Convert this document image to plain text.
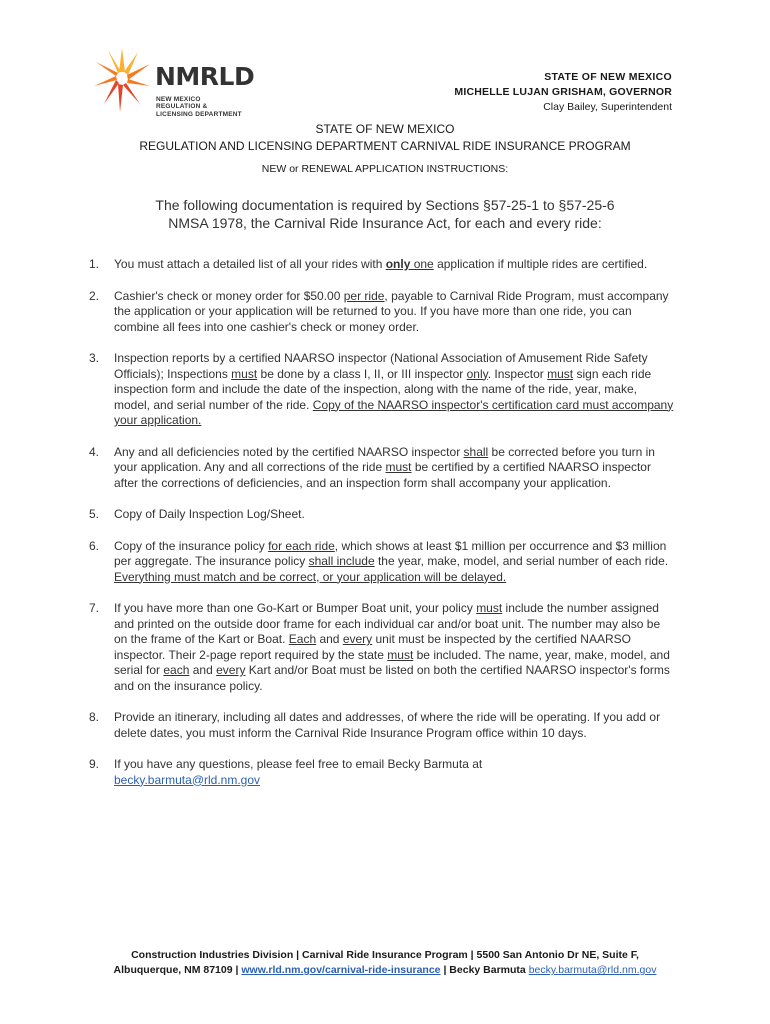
NMRLD
NEW MEXICO
REGULATION &
LICENSING DEPARTMENT
STATE OF NEW MEXICO
MICHELLE LUJAN GRISHAM, GOVERNOR
Clay Bailey, Superintendent
STATE OF NEW MEXICO
REGULATION AND LICENSING DEPARTMENT CARNIVAL RIDE INSURANCE PROGRAM
NEW or RENEWAL APPLICATION INSTRUCTIONS:
The following documentation is required by Sections §57-25-1 to §57-25-6
NMSA 1978, the Carnival Ride Insurance Act, for each and every ride:
1. You must attach a detailed list of all your rides with only one application if multiple rides are certified.
2. Cashier's check or money order for $50.00 per ride, payable to Carnival Ride Program, must accompany the application or your application will be returned to you. If you have more than one ride, you can combine all fees into one cashier's check or money order.
3. Inspection reports by a certified NAARSO inspector (National Association of Amusement Ride Safety Officials); Inspections must be done by a class I, II, or III inspector only. Inspector must sign each ride inspection form and include the date of the inspection, along with the name of the ride, year, make, model, and serial number of the ride. Copy of the NAARSO inspector's certification card must accompany your application.
4. Any and all deficiencies noted by the certified NAARSO inspector shall be corrected before you turn in your application. Any and all corrections of the ride must be certified by a certified NAARSO inspector after the corrections of deficiencies, and an inspection form shall accompany your application.
5. Copy of Daily Inspection Log/Sheet.
6. Copy of the insurance policy for each ride, which shows at least $1 million per occurrence and $3 million per aggregate. The insurance policy shall include the year, make, model, and serial number of each ride. Everything must match and be correct, or your application will be delayed.
7. If you have more than one Go-Kart or Bumper Boat unit, your policy must include the number assigned and printed on the outside door frame for each individual car and/or boat unit. The number may also be on the frame of the Kart or Boat. Each and every unit must be inspected by the certified NAARSO inspector. Their 2-page report required by the state must be included. The name, year, make, model, and serial for each and every Kart and/or Boat must be listed on both the certified NAARSO inspector's forms and on the insurance policy.
8. Provide an itinerary, including all dates and addresses, of where the ride will be operating. If you add or delete dates, you must inform the Carnival Ride Insurance Program office within 10 days.
9. If you have any questions, please feel free to email Becky Barmuta at
becky.barmuta@rld.nm.gov
Construction Industries Division | Carnival Ride Insurance Program | 5500 San Antonio Dr NE, Suite F,
Albuquerque, NM 87109 | www.rld.nm.gov/carnival-ride-insurance | Becky Barmuta becky.barmuta@rld.nm.gov
